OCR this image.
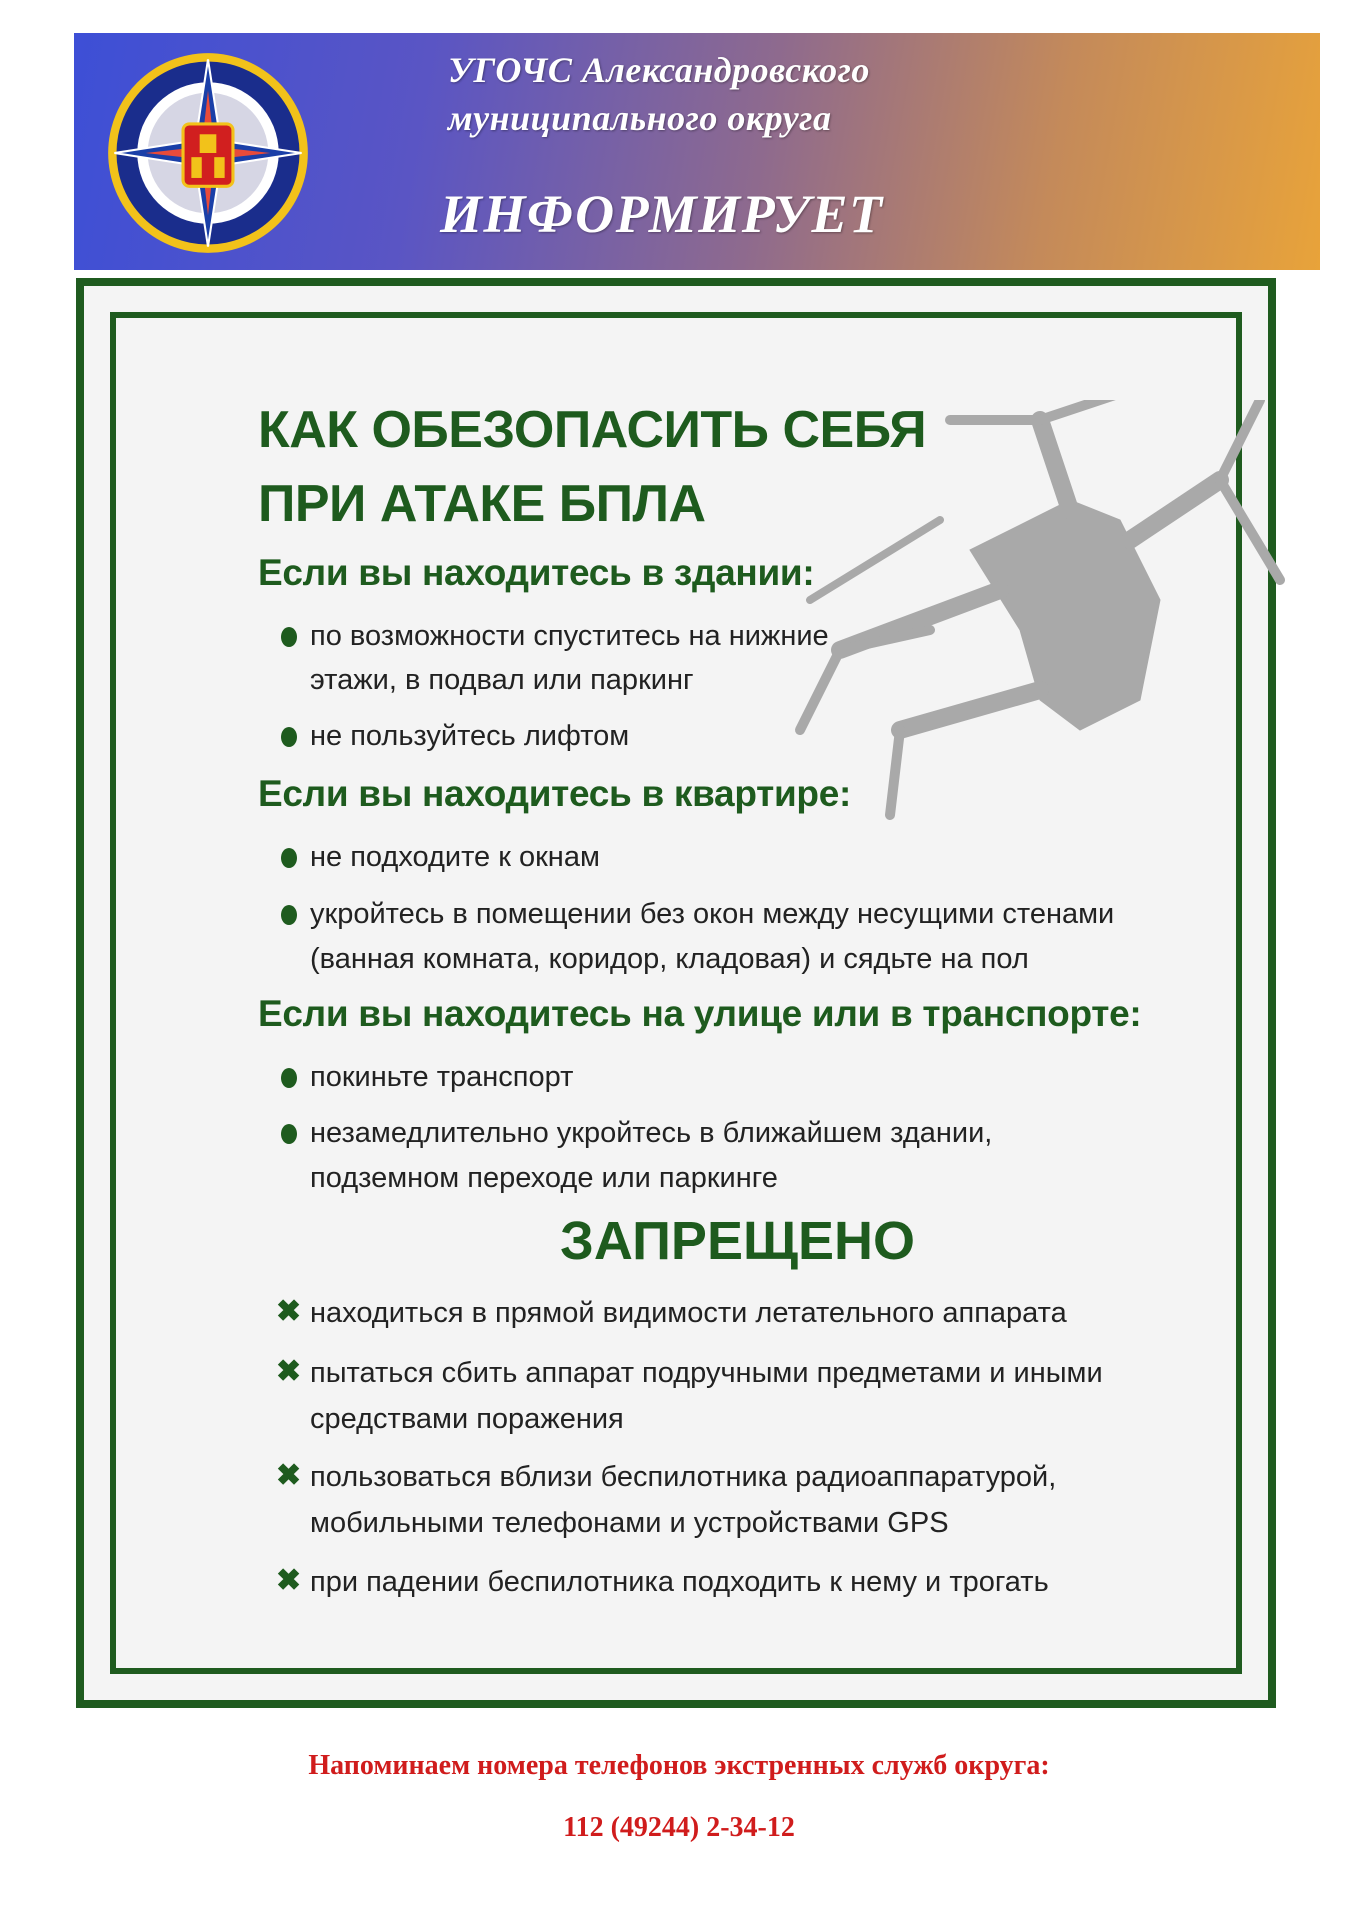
УГОЧС Александровского
муниципального округа
ИНФОРМИРУЕТ
КАК ОБЕЗОПАСИТЬ СЕБЯ
ПРИ АТАКЕ БПЛА
Если вы находитесь в здании:
по возможности спуститесь на нижние
этажи, в подвал или паркинг
не пользуйтесь лифтом
Если вы находитесь в квартире:
не подходите к окнам
укройтесь в помещении без окон между несущими стенами
(ванная комната, коридор, кладовая) и сядьте на пол
Если вы находитесь на улице или в транспорте:
покиньте транспорт
незамедлительно укройтесь в ближайшем здании,
подземном переходе или паркинге
ЗАПРЕЩЕНО
✖ находиться в прямой видимости летательного аппарата
✖ пытаться сбить аппарат подручными предметами и иными
средствами поражения
✖ пользоваться вблизи беспилотника радиоаппаратурой,
мобильными телефонами и устройствами GPS
✖ при падении беспилотника подходить к нему и трогать
Напоминаем номера телефонов экстренных служб округа:
112 (49244) 2-34-12
